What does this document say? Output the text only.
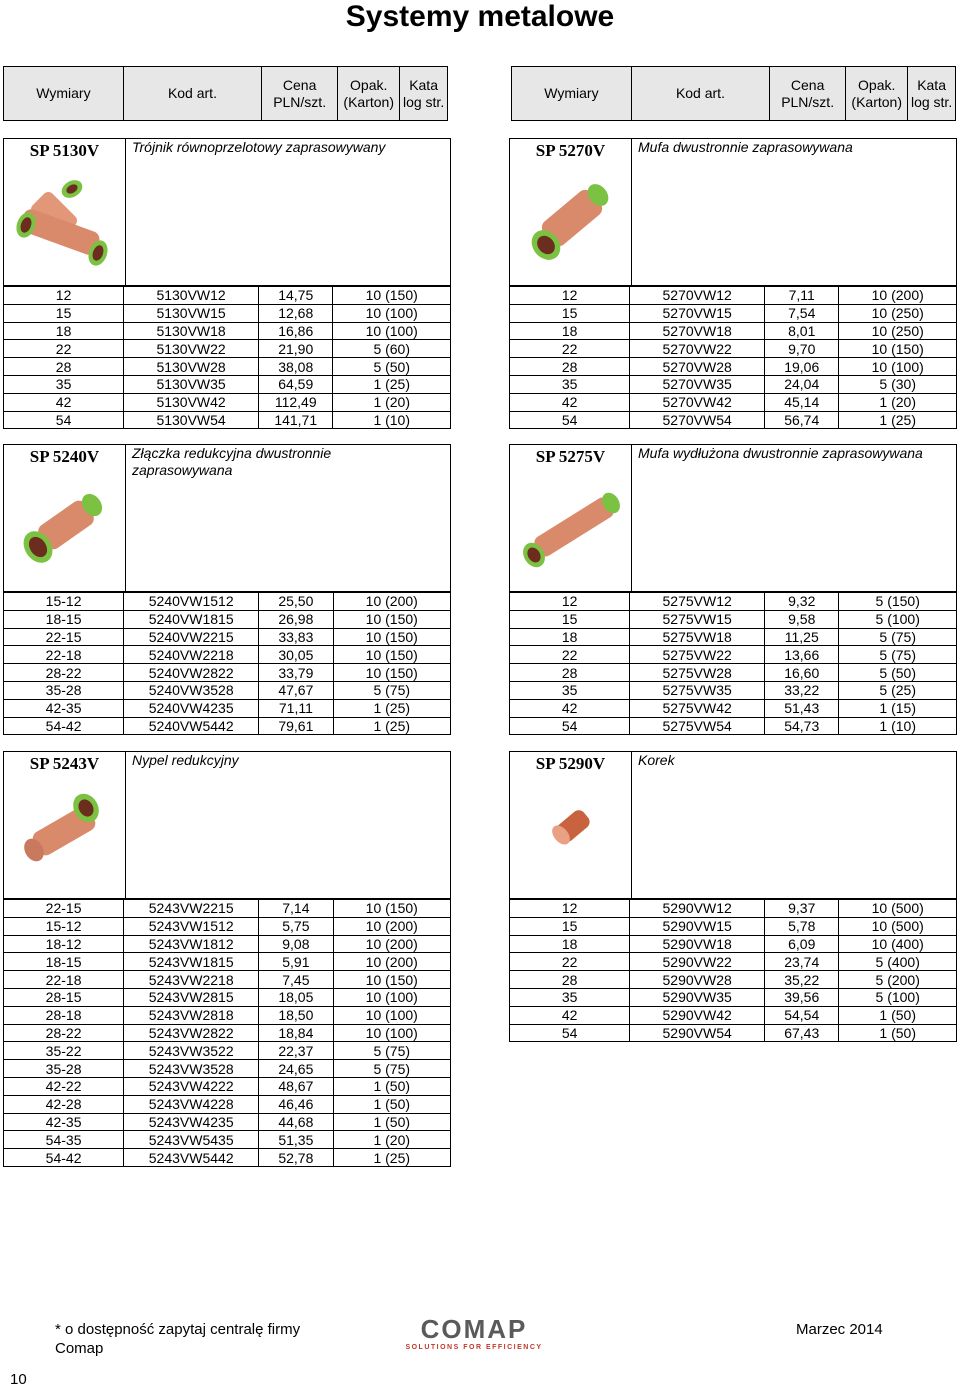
Systemy metalowe
Wymiary	Kod art.	Cena PLN/szt.	Opak. (Karton)	Kata log str.
Wymiary	Kod art.	Cena PLN/szt.	Opak. (Karton)	Kata log str.
SP 5130V	Trójnik równoprzelotowy zaprasowywany
12	5130VW12	14,75	10 (150)
15	5130VW15	12,68	10 (100)
18	5130VW18	16,86	10 (100)
22	5130VW22	21,90	5 (60)
28	5130VW28	38,08	5 (50)
35	5130VW35	64,59	1 (25)
42	5130VW42	112,49	1 (20)
54	5130VW54	141,71	1 (10)
SP 5270V	Mufa dwustronnie zaprasowywana
12	5270VW12	7,11	10 (200)
15	5270VW15	7,54	10 (250)
18	5270VW18	8,01	10 (250)
22	5270VW22	9,70	10 (150)
28	5270VW28	19,06	10 (100)
35	5270VW35	24,04	5 (30)
42	5270VW42	45,14	1 (20)
54	5270VW54	56,74	1 (25)
SP 5240V	Złączka redukcyjna dwustronnie zaprasowywana
15-12	5240VW1512	25,50	10 (200)
18-15	5240VW1815	26,98	10 (150)
22-15	5240VW2215	33,83	10 (150)
22-18	5240VW2218	30,05	10 (150)
28-22	5240VW2822	33,79	10 (150)
35-28	5240VW3528	47,67	5 (75)
42-35	5240VW4235	71,11	1 (25)
54-42	5240VW5442	79,61	1 (25)
SP 5275V	Mufa wydłużona dwustronnie zaprasowywana
12	5275VW12	9,32	5 (150)
15	5275VW15	9,58	5 (100)
18	5275VW18	11,25	5 (75)
22	5275VW22	13,66	5 (75)
28	5275VW28	16,60	5 (50)
35	5275VW35	33,22	5 (25)
42	5275VW42	51,43	1 (15)
54	5275VW54	54,73	1 (10)
SP 5243V	Nypel redukcyjny
22-15	5243VW2215	7,14	10 (150)
15-12	5243VW1512	5,75	10 (200)
18-12	5243VW1812	9,08	10 (200)
18-15	5243VW1815	5,91	10 (200)
22-18	5243VW2218	7,45	10 (150)
28-15	5243VW2815	18,05	10 (100)
28-18	5243VW2818	18,50	10 (100)
28-22	5243VW2822	18,84	10 (100)
35-22	5243VW3522	22,37	5 (75)
35-28	5243VW3528	24,65	5 (75)
42-22	5243VW4222	48,67	1 (50)
42-28	5243VW4228	46,46	1 (50)
42-35	5243VW4235	44,68	1 (50)
54-35	5243VW5435	51,35	1 (20)
54-42	5243VW5442	52,78	1 (25)
SP 5290V	Korek
12	5290VW12	9,37	10 (500)
15	5290VW15	5,78	10 (500)
18	5290VW18	6,09	10 (400)
22	5290VW22	23,74	5 (400)
28	5290VW28	35,22	5 (200)
35	5290VW35	39,56	5 (100)
42	5290VW42	54,54	1 (50)
54	5290VW54	67,43	1 (50)
* o dostępność zapytaj centralę firmy Comap
COMAP
SOLUTIONS FOR EFFICIENCY
Marzec 2014
10
